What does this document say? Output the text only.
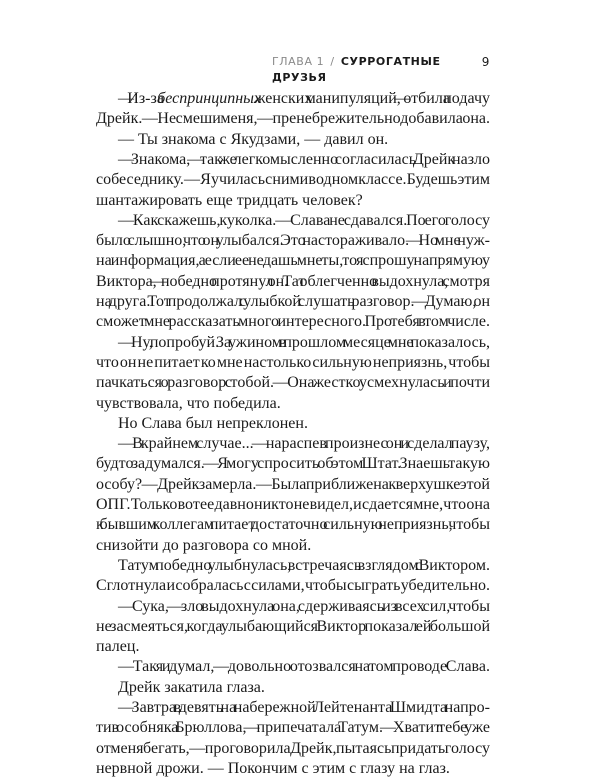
ГЛАВА 1 / СУРРОГАТНЫЕ ДРУЗЬЯ
9
— Из-за беспринципных женских манипуляций, — отбила подачу
Дрейк. — Не смеши меня, — пренебрежительно добавила она.
— Ты знакома с Якудзами, — давил он.
— Знакома, — так же легкомысленно согласилась Дрейк назло
собеседнику. — Я училась с ними в одном классе. Будешь этим
шантажировать еще тридцать человек?
— Как скажешь, куколка. — Слава не сдавался. По его голосу
было слышно, что он улыбался. Это настораживало. — Но мне нуж-
на информация, а если ее не дашь мне ты, то я спрошу напрямую у
Виктора, — победно протянул он. Тат облегченно выдохнула, смотря
на друга. Тот продолжал с улыбкой слушать разговор. — Думаю, он
сможет мне рассказать много интересного. Про тебя в том числе.
— Ну, попробуй. За ужином в прошлом месяце мне показалось,
что он не питает ко мне настолько сильную неприязнь, чтобы
пачкаться о разговор с тобой. — Она жестко усмехнулась и почти
чувствовала, что победила.
Но Слава был непреклонен.
— В крайнем случае... — нараспев произнес он и сделал паузу,
будто задумался. — Я могу спросить об этом Штат. Знаешь такую
особу? — Дрейк замерла. — Была приближена к верхушке этой
ОПГ. Только вот ее давно никто не видел, и сдается мне, что она
к бывшим коллегам питает достаточно сильную неприязнь, чтобы
снизойти до разговора со мной.
Татум победно улыбнулась, встречаясь взглядом с Виктором.
Сглотнула и собралась с силами, чтобы сыграть убедительно.
— Сука, — зло выдохнула она, сдерживаясь из всех сил, чтобы
не засмеяться, когда улыбающийся Виктор показал ей большой
палец.
— Так я и думал, — довольно отозвался на том проводе Слава.
Дрейк закатила глаза.
— Завтра в девять на набережной Лейтенанта Шмидта напро-
тив особняка Брюллова, — припечатала Татум. — Хватит тебе уже
от меня бегать, — проговорила Дрейк, пытаясь придать голосу
нервной дрожи. — Покончим с этим с глазу на глаз.
